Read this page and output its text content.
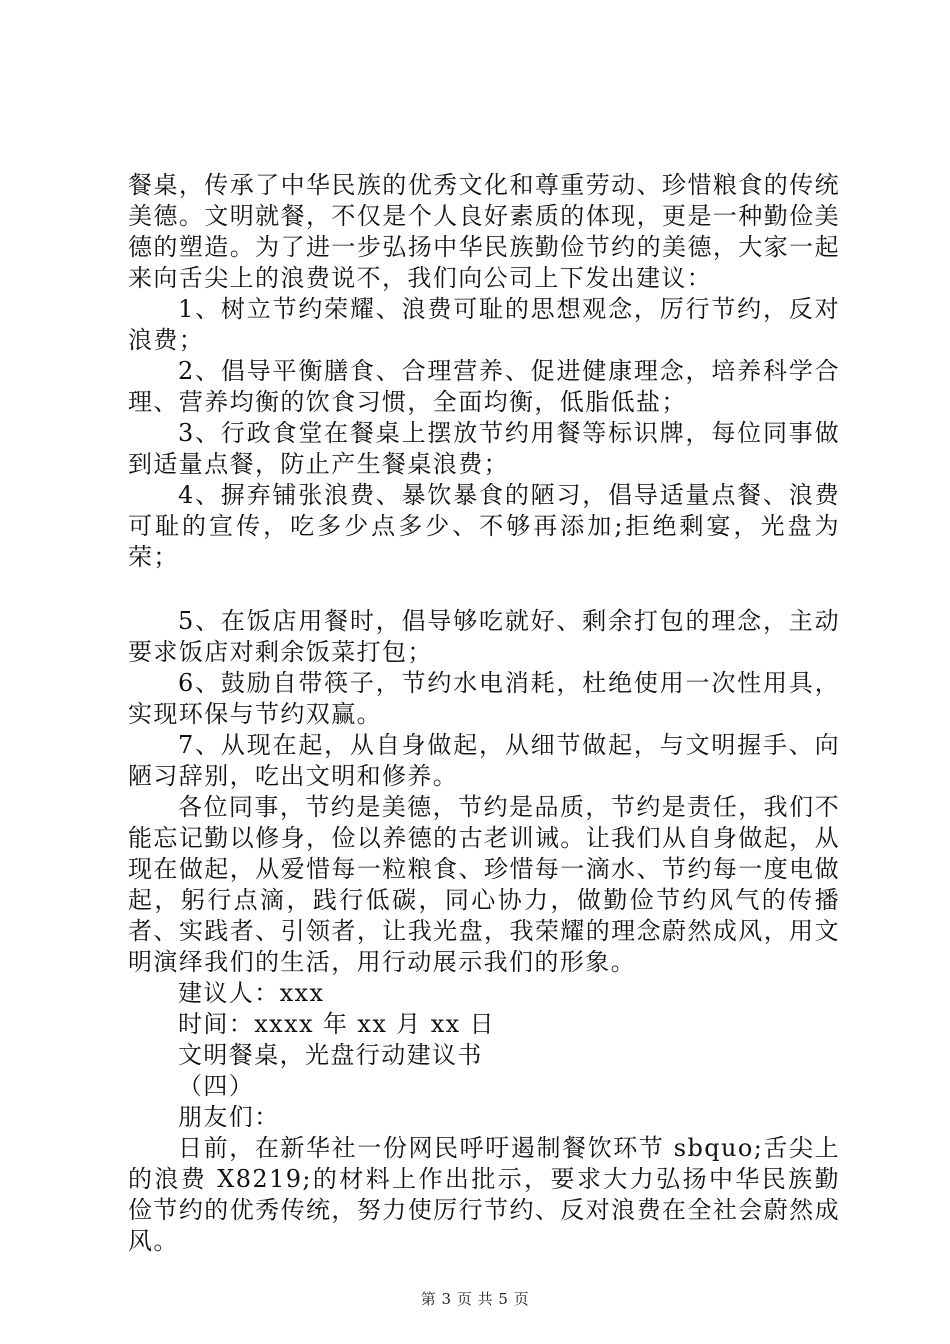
餐桌，传承了中华民族的优秀文化和尊重劳动、珍惜粮食的传统美德。文明就餐，不仅是个人良好素质的体现，更是一种勤俭美德的塑造。为了进一步弘扬中华民族勤俭节约的美德，大家一起来向舌尖上的浪费说不，我们向公司上下发出建议：

1、树立节约荣耀、浪费可耻的思想观念，厉行节约，反对浪费；

2、倡导平衡膳食、合理营养、促进健康理念，培养科学合理、营养均衡的饮食习惯，全面均衡，低脂低盐；

3、行政食堂在餐桌上摆放节约用餐等标识牌，每位同事做到适量点餐，防止产生餐桌浪费；

4、摒弃铺张浪费、暴饮暴食的陋习，倡导适量点餐、浪费可耻的宣传，吃多少点多少、不够再添加;拒绝剩宴，光盘为荣；

5、在饭店用餐时，倡导够吃就好、剩余打包的理念，主动要求饭店对剩余饭菜打包；

6、鼓励自带筷子，节约水电消耗，杜绝使用一次性用具，实现环保与节约双赢。

7、从现在起，从自身做起，从细节做起，与文明握手、向陋习辞别，吃出文明和修养。

各位同事，节约是美德，节约是品质，节约是责任，我们不能忘记勤以修身，俭以养德的古老训诫。让我们从自身做起，从现在做起，从爱惜每一粒粮食、珍惜每一滴水、节约每一度电做起，躬行点滴，践行低碳，同心协力，做勤俭节约风气的传播者、实践者、引领者，让我光盘，我荣耀的理念蔚然成风，用文明演绎我们的生活，用行动展示我们的形象。

建议人：xxx

时间：xxxx 年 xx 月 xx 日

文明餐桌，光盘行动建议书

（四）

朋友们：

日前，在新华社一份网民呼吁遏制餐饮环节 sbquo;舌尖上的浪费 X8219;的材料上作出批示，要求大力弘扬中华民族勤俭节约的优秀传统，努力使厉行节约、反对浪费在全社会蔚然成风。

第 3 页 共 5 页
